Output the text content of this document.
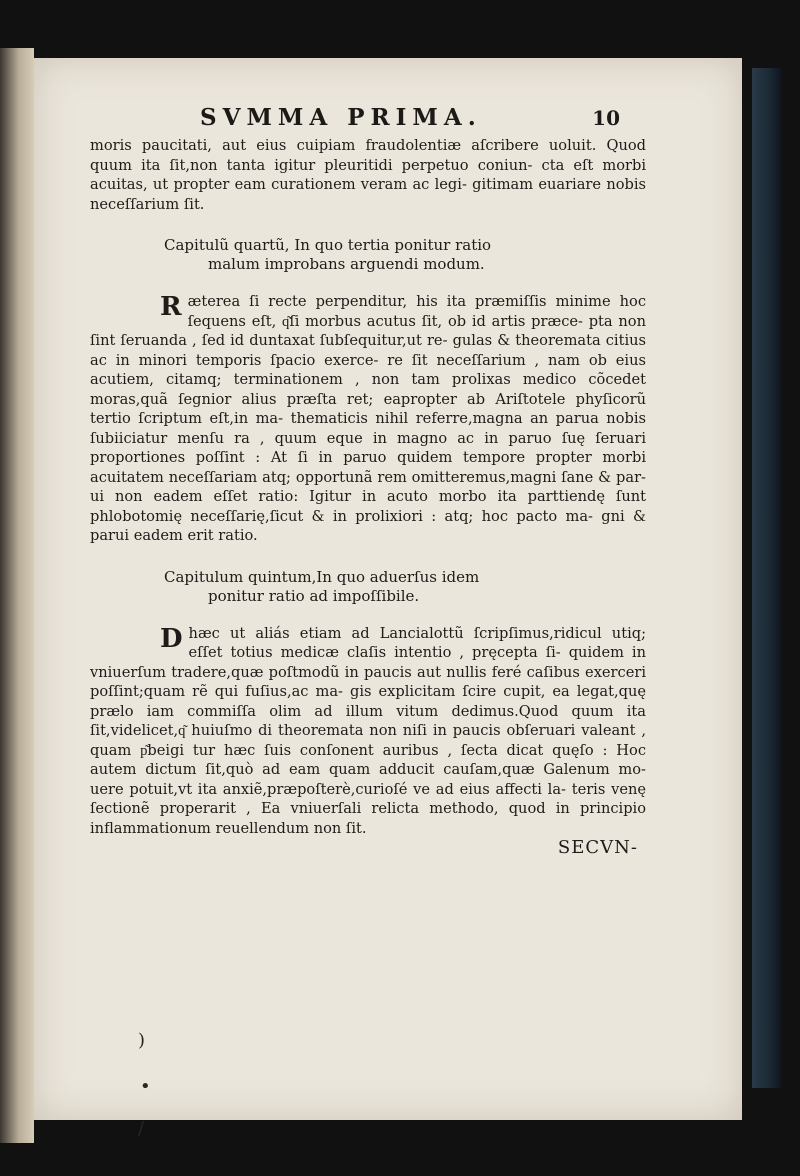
SVMMA PRIMA.	10

moris paucitati, aut eius cuipiam fraudolentiæ aſcribere uoluit. Quod quum ita ſit,non tanta igitur pleuritidi perpetuo coniun- cta eſt morbi acuitas, ut propter eam curationem veram ac legi- gitimam euariare nobis neceſſarium ſit.

Capitulũ quartũ, In quo tertia ponitur ratio
malum improbans arguendi modum.

R æterea ſi recte perpenditur, his ita præmiſſis minime hoc ſequens eſt, q͂ſi morbus acutus ſit, ob id artis præce- pta non ſint ſeruanda , ſed id duntaxat ſubſequitur,ut re- gulas & theoremata citius ac in minori temporis ſpacio exerce- re ſit neceſſarium , nam ob eius acutiem, citamq; terminationem , non tam prolixas medico cõcedet moras,quã ſegnior alius præſta ret; eapropter ab Ariſtotele phyſicorũ tertio ſcriptum eſt,in ma- thematicis nihil referre,magna an parua nobis ſubiiciatur menſu ra , quum eque in magno ac in paruo ſuę ſeruari proportiones poſſint : At ſi in paruo quidem tempore propter morbi acuitatem neceſſariam atq; opportunã rem omitteremus,magni ſane & par- ui non eadem eſſet ratio: Igitur in acuto morbo ita parttiendę ſunt phlobotomię neceſſarię,ſicut & in prolixiori : atq; hoc pacto ma- gni & parui eadem erit ratio.

Capitulum quintum,In quo aduerſus idem
ponitur ratio ad impoſſibile.

D hæc ut aliás etiam ad Lancialottũ ſcripſimus,ridicul utiq; eſſet totius medicæ claſis intentio , pręcepta ſi- quidem in vniuerſum tradere,quæ poſtmodũ in paucis aut nullis feré caſibus exerceri poſſint;quam rẽ qui fuſius,ac ma- gis explicitam ſcire cupit, ea legat,quę prælo iam commiſſa olim ad illum vitum dedimus.Quod quum ita ſit,videlicet,q͂ huiuſmo di theoremata non niſi in paucis obſeruari valeant , quam p͂beigi tur hæc ſuis conſonent auribus , ſecta dicat quęſo : Hoc autem dictum ſit,quò ad eam quam adducit cauſam,quæ Galenum mo- uere potuit,vt ita anxiẽ,præpoſterè,curioſé ve ad eius affecti la- teris venę ſectionẽ properarit , Ea vniuerſali relicta methodo, quod in principio inflammationum reuellendum non ſit.

SECVN-

)
•
/
